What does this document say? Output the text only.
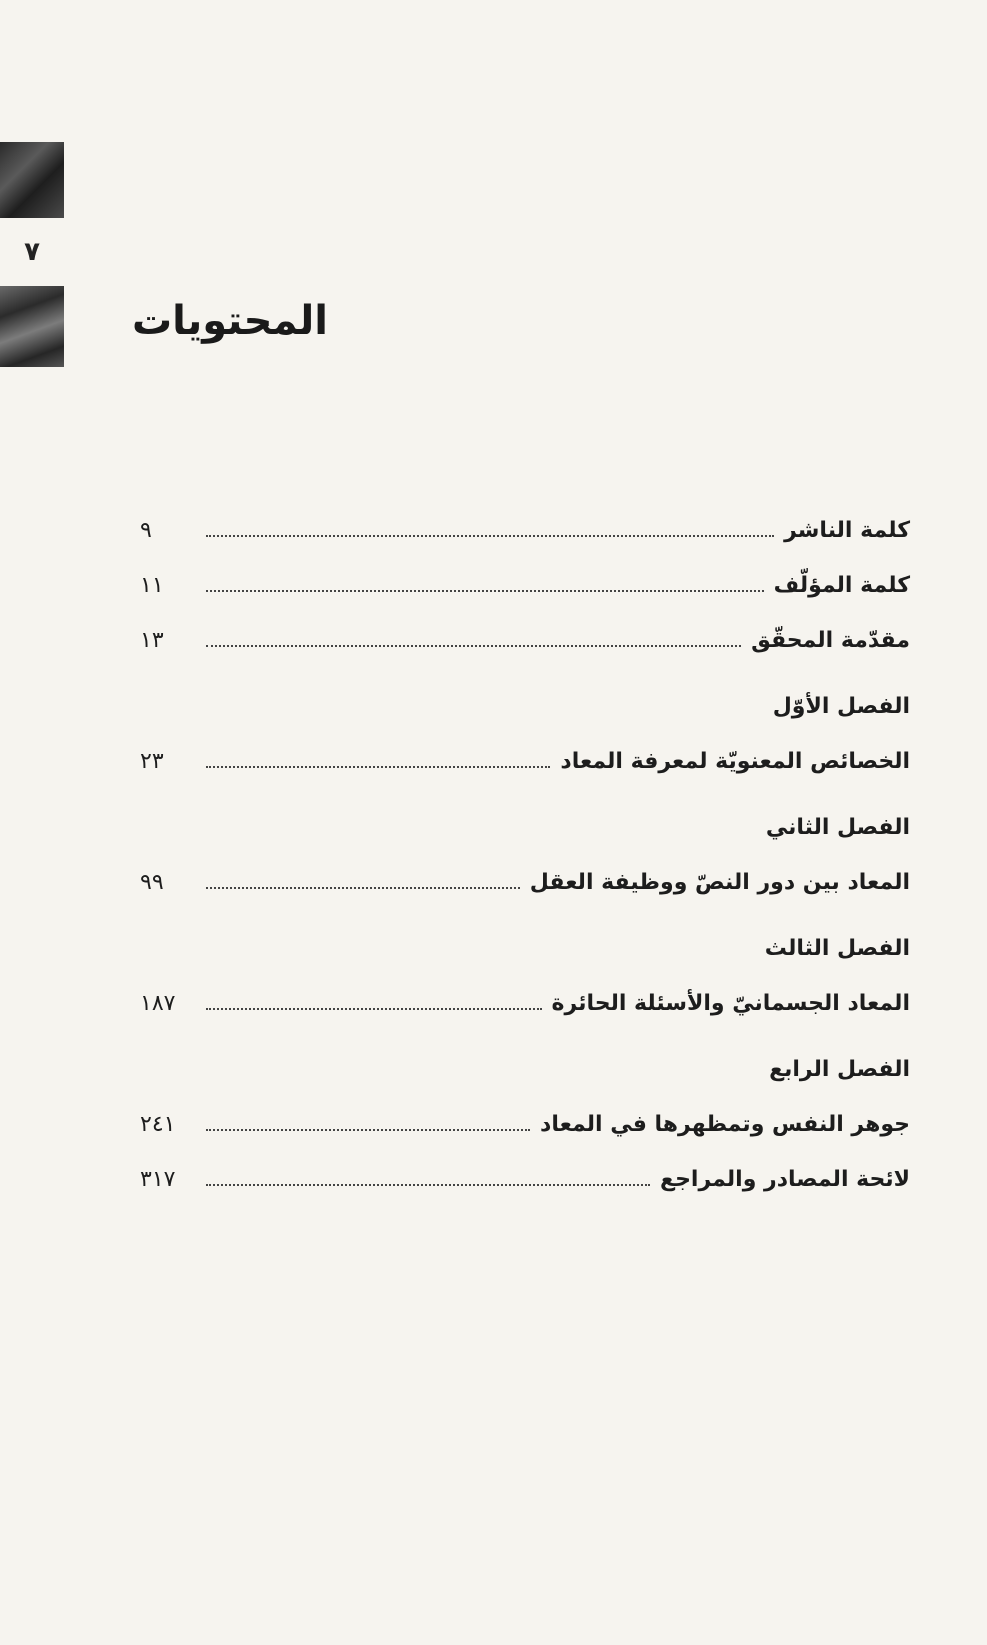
٧
المحتويات
كلمة الناشر
٩
كلمة المؤلّف
١١
مقدّمة المحقّق
١٣
الفصل الأوّل
الخصائص المعنويّة لمعرفة المعاد
٢٣
الفصل الثاني
المعاد بين دور النصّ ووظيفة العقل
٩٩
الفصل الثالث
المعاد الجسمانيّ والأسئلة الحائرة
١٨٧
الفصل الرابع
جوهر النفس وتمظهرها في المعاد
٢٤١
لائحة المصادر والمراجع
٣١٧
